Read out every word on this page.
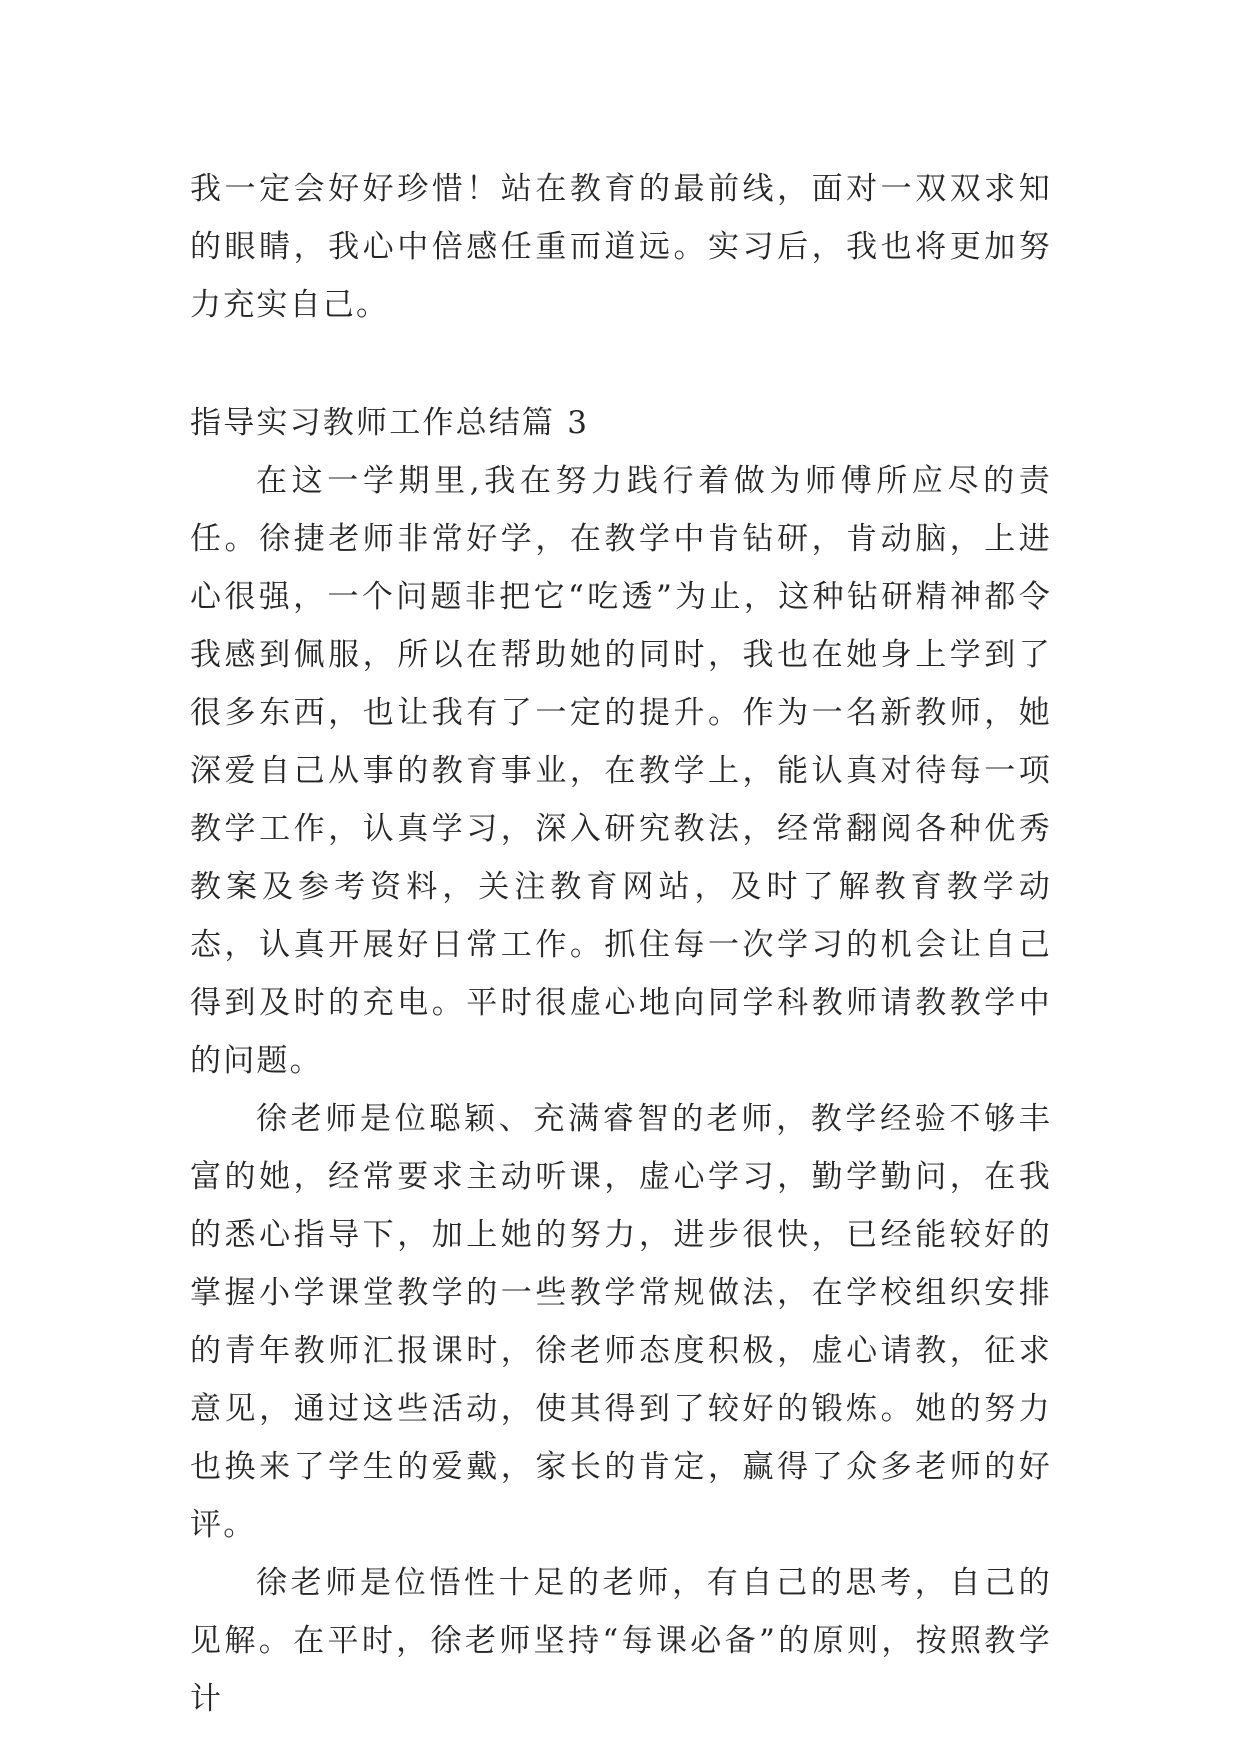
我一定会好好珍惜！站在教育的最前线，面对一双双求知的眼睛，我心中倍感任重而道远。实习后，我也将更加努力充实自己。

指导实习教师工作总结篇 3

在这一学期里,我在努力践行着做为师傅所应尽的责任。徐捷老师非常好学，在教学中肯钻研，肯动脑，上进心很强，一个问题非把它“吃透”为止，这种钻研精神都令我感到佩服，所以在帮助她的同时，我也在她身上学到了很多东西，也让我有了一定的提升。作为一名新教师，她深爱自己从事的教育事业，在教学上，能认真对待每一项教学工作，认真学习，深入研究教法，经常翻阅各种优秀教案及参考资料，关注教育网站，及时了解教育教学动态，认真开展好日常工作。抓住每一次学习的机会让自己得到及时的充电。平时很虚心地向同学科教师请教教学中的问题。

徐老师是位聪颖、充满睿智的老师，教学经验不够丰富的她，经常要求主动听课，虚心学习，勤学勤问，在我的悉心指导下，加上她的努力，进步很快，已经能较好的掌握小学课堂教学的一些教学常规做法，在学校组织安排的青年教师汇报课时，徐老师态度积极，虚心请教，征求意见，通过这些活动，使其得到了较好的锻炼。她的努力也换来了学生的爱戴，家长的肯定，赢得了众多老师的好评。

徐老师是位悟性十足的老师，有自己的思考，自己的见解。在平时，徐老师坚持“每课必备”的原则，按照教学计
